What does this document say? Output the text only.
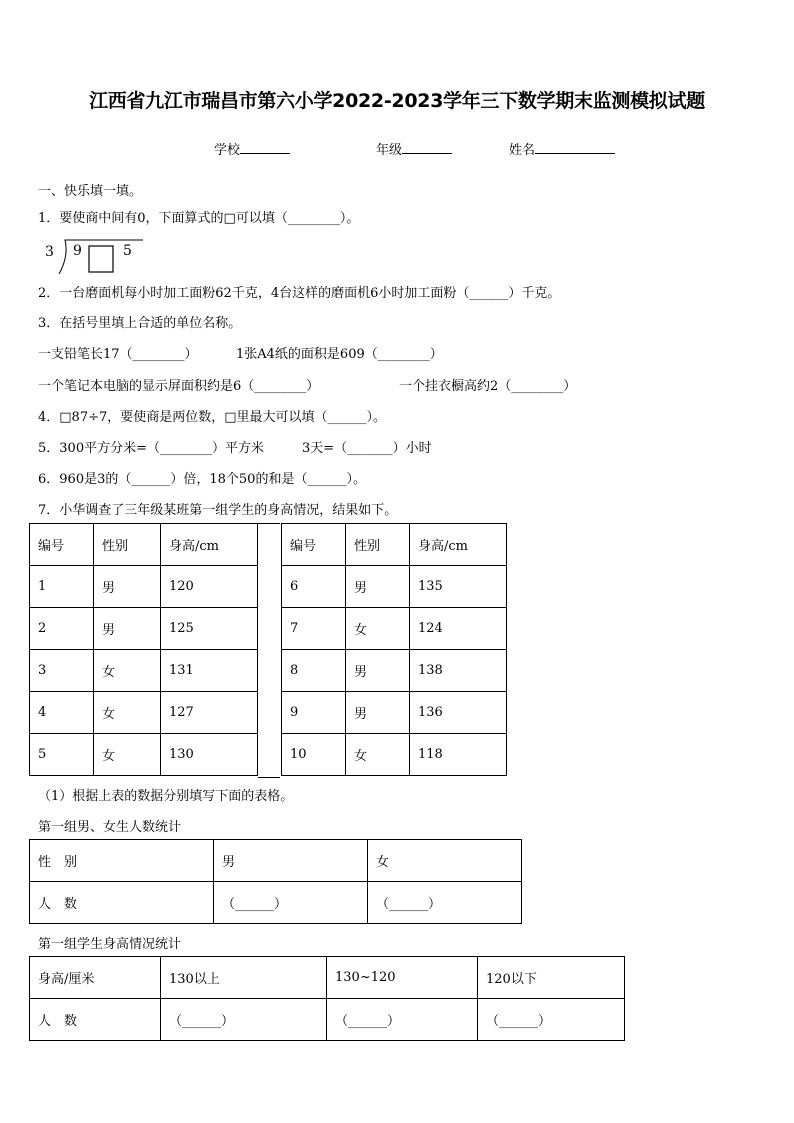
江西省九江市瑞昌市第六小学2022-2023学年三下数学期末监测模拟试题
学校	年级	姓名
一、快乐填一填。
1．要使商中间有0，下面算式的□可以填（________）。
3 9	5
2．一台磨面机每小时加工面粉62千克，4台这样的磨面机6小时加工面粉（______）千克。
3．在括号里填上合适的单位名称。
一支铅笔长17（________）	1张A4纸的面积是609（________）
一个笔记本电脑的显示屏面积约是6（________）	一个挂衣橱高约2（________）
4．□87÷7，要使商是两位数，□里最大可以填（______）。
5．300平方分米=（________）平方米	3天=（_______）小时
6．960是3的（______）倍，18个50的和是（______）。
7．小华调查了三年级某班第一组学生的身高情况，结果如下。
编号	性别	身高/cm
1	男	120
2	男	125
3	女	131
4	女	127
5	女	130
编号	性别	身高/cm
6	男	135
7	女	124
8	男	138
9	男	136
10	女	118
（1）根据上表的数据分别填写下面的表格。
第一组男、女生人数统计
性　别	男	女
人　数	（______）	（______）
第一组学生身高情况统计
身高/厘米	130以上	130~120	120以下
人　数	（______）	（______）	（______）
